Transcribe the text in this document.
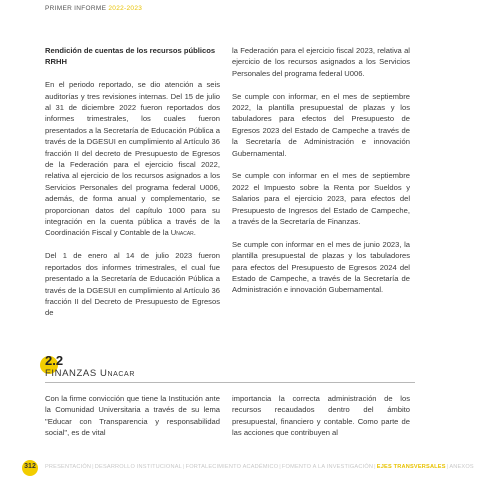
PRIMER INFORME 2022-2023
Rendición de cuentas de los recursos públicos RRHH

En el periodo reportado, se dio atención a seis auditorías y tres revisiones internas. Del 15 de julio al 31 de diciembre 2022 fueron reportados dos informes trimestrales, los cuales fueron presentados a la Secretaría de Educación Pública a través de la DGESUI en cumplimiento al Artículo 36 fracción II del decreto de Presupuesto de Egresos de la Federación para el ejercicio fiscal 2022, relativa al ejercicio de los recursos asignados a los Servicios Personales del programa federal U006, además, de forma anual y complementario, se proporcionan datos del capítulo 1000 para su integración en la cuenta pública a través de la Coordinación Fiscal y Contable de la Unacar.

Del 1 de enero al 14 de julio 2023 fueron reportados dos informes trimestrales, el cual fue presentado a la Secretaría de Educación Pública a través de la DGESUI en cumplimiento al Artículo 36 fracción II del Decreto de Presupuesto de Egresos de

la Federación para el ejercicio fiscal 2023, relativa al ejercicio de los recursos asignados a los Servicios Personales del programa federal U006.

Se cumple con informar, en el mes de septiembre 2022, la plantilla presupuestal de plazas y los tabuladores para efectos del Presupuesto de Egresos 2023 del Estado de Campeche a través de la Secretaría de Administración e innovación Gubernamental.

Se cumple con informar en el mes de septiembre 2022 el Impuesto sobre la Renta por Sueldos y Salarios para el ejercicio 2023, para efectos del Presupuesto de Ingresos del Estado de Campeche, a través de la Secretaría de Finanzas.

Se cumple con informar en el mes de junio 2023, la plantilla presupuestal de plazas y los tabuladores para efectos del Presupuesto de Egresos 2024 del Estado de Campeche, a través de la Secretaría de Administración e innovación Gubernamental.

2.2
FINANZAS Unacar

Con la firme convicción que tiene la Institución ante la Comunidad Universitaria a través de su lema "Educar con Transparencia y responsabilidad social", es de vital

importancia la correcta administración de los recursos recaudados dentro del ámbito presupuestal, financiero y contable. Como parte de las acciones que contribuyen al

312	PRESENTACIÓN|DESARROLLO INSTITUCIONAL|FORTALECIMIENTO ACADÉMICO|FOMENTO A LA INVESTIGACIÓN|EJES TRANSVERSALES|ANEXOS
